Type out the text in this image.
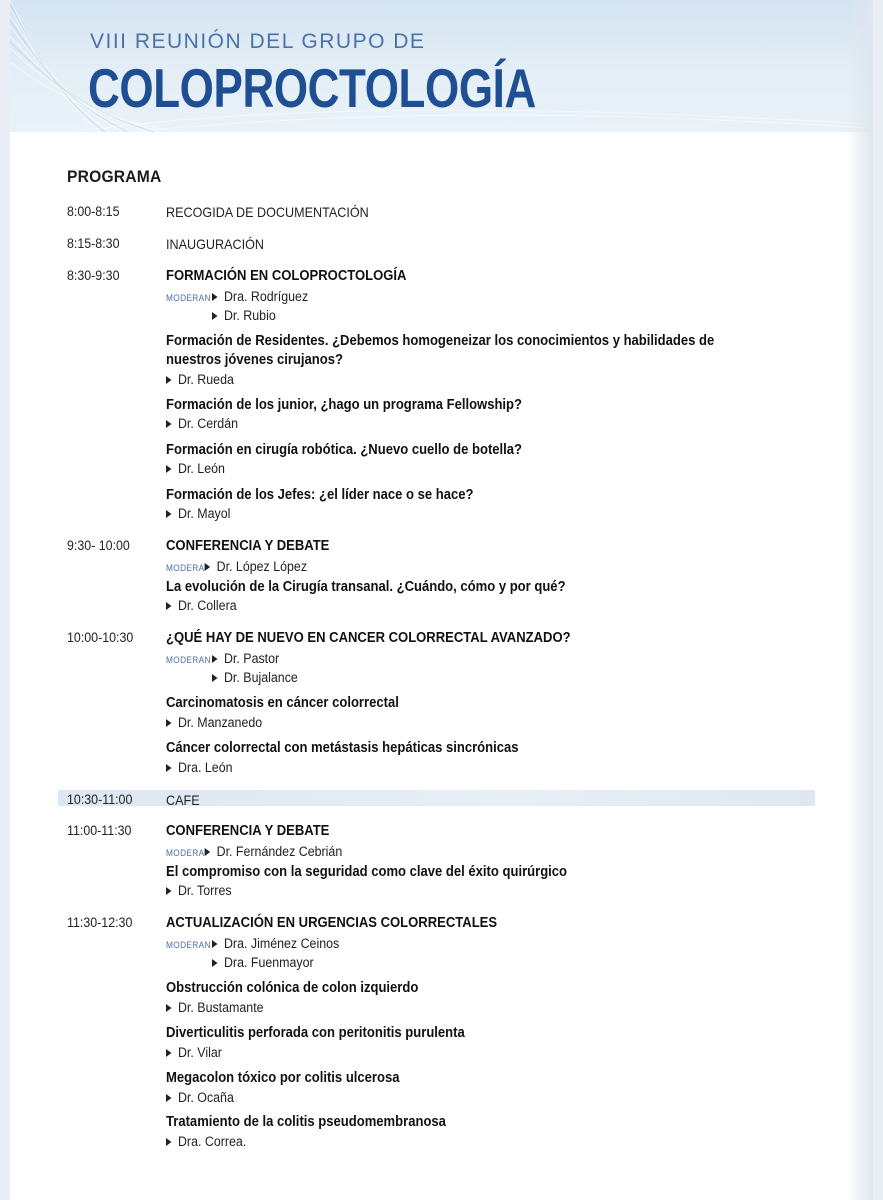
VIII REUNIÓN DEL GRUPO DE
COLOPROCTOLOGÍA
PROGRAMA
8:00-8:15	RECOGIDA DE DOCUMENTACIÓN
8:15-8:30	INAUGURACIÓN
8:30-9:30	FORMACIÓN EN COLOPROCTOLOGÍA
MODERAN Dra. Rodríguez
Dr. Rubio
Formación de Residentes. ¿Debemos homogeneizar los conocimientos y habilidades de
nuestros jóvenes cirujanos?
Dr. Rueda
Formación de los junior, ¿hago un programa Fellowship?
Dr. Cerdán
Formación en cirugía robótica. ¿Nuevo cuello de botella?
Dr. León
Formación de los Jefes: ¿el líder nace o se hace?
Dr. Mayol
9:30- 10:00 CONFERENCIA Y DEBATE
MODERA Dr. López López
La evolución de la Cirugía transanal. ¿Cuándo, cómo y por qué?
Dr. Collera
10:00-10:30 ¿QUÉ HAY DE NUEVO EN CANCER COLORRECTAL AVANZADO?
MODERAN Dr. Pastor
Dr. Bujalance
Carcinomatosis en cáncer colorrectal
Dr. Manzanedo
Cáncer colorrectal con metástasis hepáticas sincrónicas
Dra. León
10:30-11:00 CAFE
11:00-11:30 CONFERENCIA Y DEBATE
MODERA Dr. Fernández Cebrián
El compromiso con la seguridad como clave del éxito quirúrgico
Dr. Torres
11:30-12:30 ACTUALIZACIÓN EN URGENCIAS COLORRECTALES
MODERAN Dra. Jiménez Ceinos
Dra. Fuenmayor
Obstrucción colónica de colon izquierdo
Dr. Bustamante
Diverticulitis perforada con peritonitis purulenta
Dr. Vilar
Megacolon tóxico por colitis ulcerosa
Dr. Ocaña
Tratamiento de la colitis pseudomembranosa
Dra. Correa.
